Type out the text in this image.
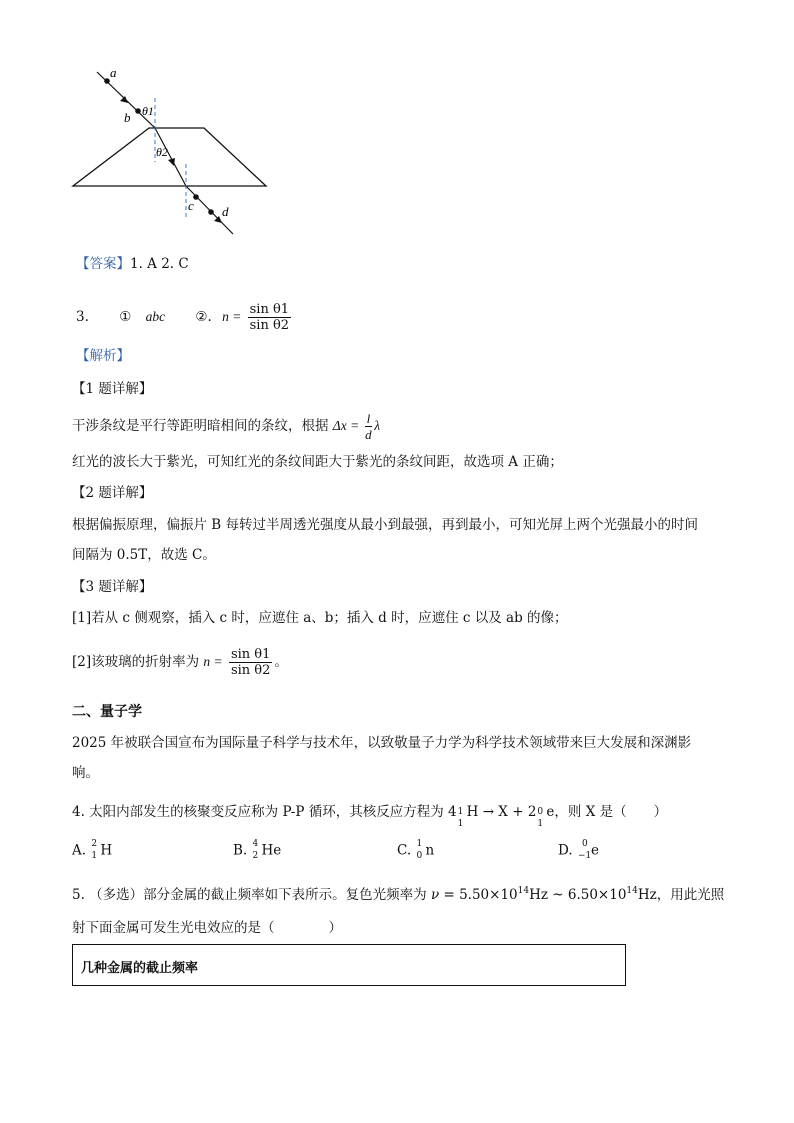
a
b θ1
θ2
c d
【答案】1. A 2. C
3. ① abc ②. $n = \frac{\text{sin θ1}}{\text{sin θ2}}$
【解析】
【1 题详解】
干涉条纹是平行等距明暗相间的条纹，根据 $\Delta x = \frac{l}{d}$ λ
红光的波长大于紫光，可知红光的条纹间距大于紫光的条纹间距，故选项 A 正确；
【2 题详解】
根据偏振原理，偏振片 B 每转过半周透光强度从最小到最强，再到最小，可知光屏上两个光强最小的时间
间隔为 0.5T，故选 C。
【3 题详解】
[1]若从 c 侧观察，插入 c 时，应遮住 a、b；插入 d 时，应遮住 c 以及 ab 的像；
[2]该玻璃的折射率为 $n = \frac{\text{sin θ1}}{\text{sin θ2}}$ 。
二、量子学
2025 年被联合国宣布为国际量子科学与技术年，以致敬量子力学为科学技术领域带来巨大发展和深渊影
响。
4. 太阳内部发生的核聚变反应称为 P-P 循环，其核反应方程为 4 1
1
H → X + 2 0
1
e，则 X 是（　　）
A. 2
1 H	B. 4
2 He	C. 1
0 n	D. 0
−1 e
5. （多选）部分金属的截止频率如下表所示。复色光频率为 $\nu = 5.50\times 10^{14}Hz$ ~ $6.50\times 10^{14}Hz$，用此光照
射下面金属可发生光电效应的是（　　　　）
几种金属的截止频率
